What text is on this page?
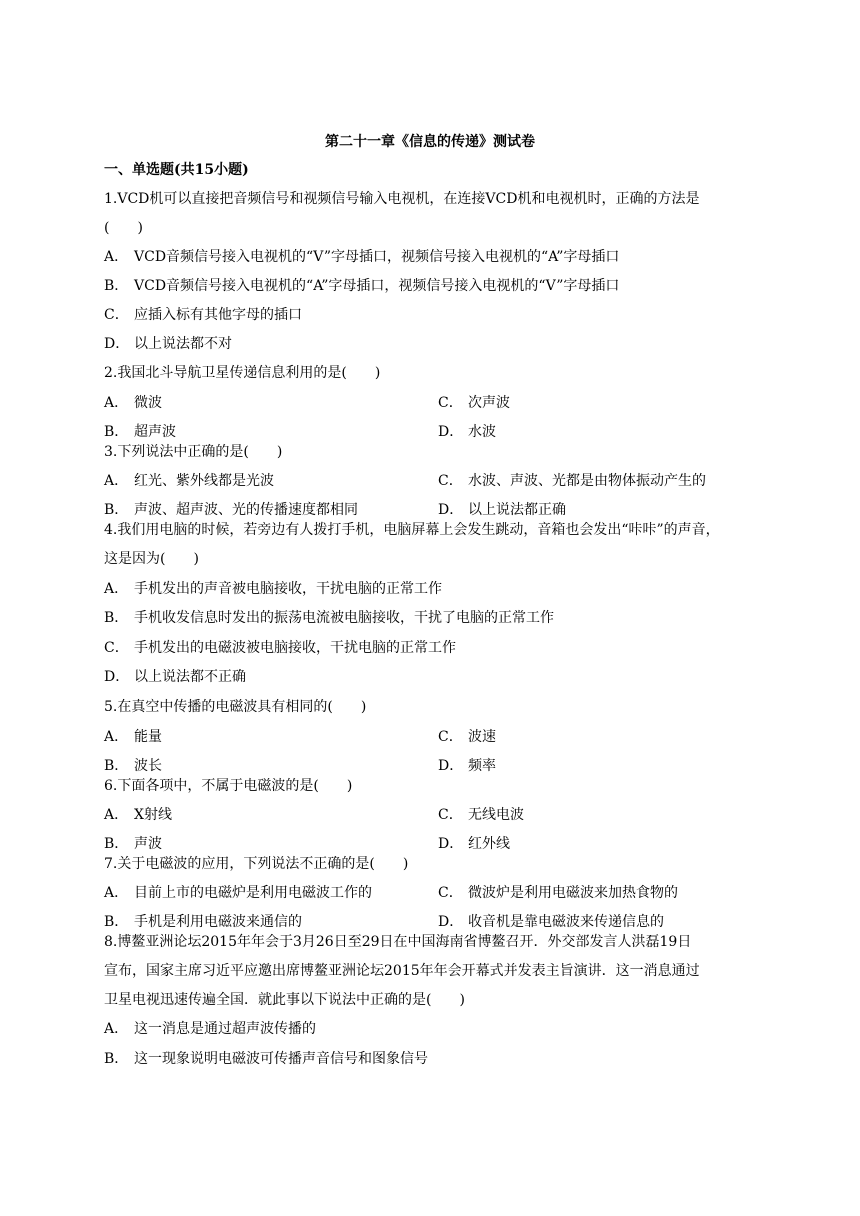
第二十一章《信息的传递》测试卷
一、单选题(共15小题)
1.VCD机可以直接把音频信号和视频信号输入电视机，在连接VCD机和电视机时，正确的方法是
(　　)
A． VCD音频信号接入电视机的“V”字母插口，视频信号接入电视机的“A”字母插口
B． VCD音频信号接入电视机的“A”字母插口，视频信号接入电视机的“V”字母插口
C． 应插入标有其他字母的插口
D． 以上说法都不对
2.我国北斗导航卫星传递信息利用的是(　　)
A． 微波	C． 次声波
B． 超声波	D． 水波
3.下列说法中正确的是(　　)
A． 红光、紫外线都是光波	C． 水波、声波、光都是由物体振动产生的
B． 声波、超声波、光的传播速度都相同	D． 以上说法都正确
4.我们用电脑的时候，若旁边有人拨打手机，电脑屏幕上会发生跳动，音箱也会发出“咔咔”的声音，
这是因为(　　)
A． 手机发出的声音被电脑接收，干扰电脑的正常工作
B． 手机收发信息时发出的振荡电流被电脑接收，干扰了电脑的正常工作
C． 手机发出的电磁波被电脑接收，干扰电脑的正常工作
D． 以上说法都不正确
5.在真空中传播的电磁波具有相同的(　　)
A． 能量	C． 波速
B． 波长	D． 频率
6.下面各项中，不属于电磁波的是(　　)
A． X射线	C． 无线电波
B． 声波	D． 红外线
7.关于电磁波的应用，下列说法不正确的是(　　)
A． 目前上市的电磁炉是利用电磁波工作的	C． 微波炉是利用电磁波来加热食物的
B． 手机是利用电磁波来通信的	D． 收音机是靠电磁波来传递信息的
8.博鳌亚洲论坛2015年年会于3月26日至29日在中国海南省博鳌召开．外交部发言人洪磊19日
宣布，国家主席习近平应邀出席博鳌亚洲论坛2015年年会开幕式并发表主旨演讲．这一消息通过
卫星电视迅速传遍全国．就此事以下说法中正确的是(　　)
A． 这一消息是通过超声波传播的
B． 这一现象说明电磁波可传播声音信号和图象信号
